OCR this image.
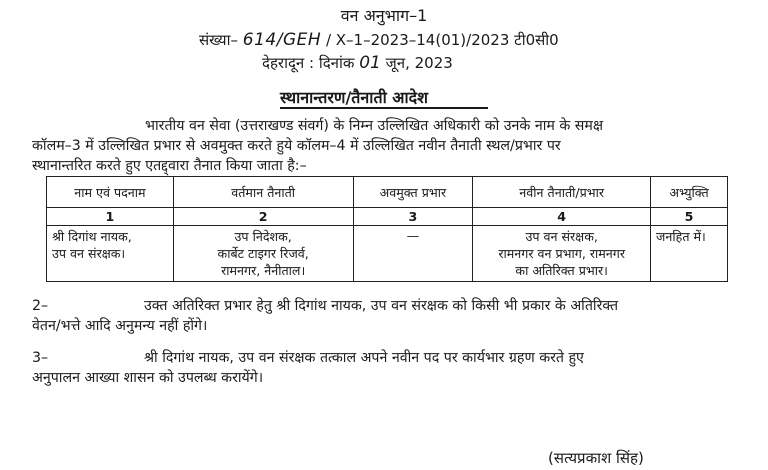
वन अनुभाग–1
संख्या– 614/GEH / X–1–2023–14(01)/2023 टी0सी0
देहरादून : दिनांक 01 जून, 2023
स्थानान्तरण/तैनाती आदेश
भारतीय वन सेवा (उत्तराखण्ड संवर्ग) के निम्न उल्लिखित अधिकारी को उनके नाम के समक्ष
कॉलम–3 में उल्लिखित प्रभार से अवमुक्त करते हुये कॉलम–4 में उल्लिखित नवीन तैनाती स्थल/प्रभार पर
स्थानान्तरित करते हुए एतद्द्वारा तैनात किया जाता है:–
नाम एवं पदनाम	वर्तमान तैनाती	अवमुक्त प्रभार	नवीन तैनाती/प्रभार	अभ्युक्ति
1	2	3	4	5

श्री दिगांथ नायक,
उप वन संरक्षक।	उप निदेशक,
कार्बेट टाइगर रिजर्व,
रामनगर, नैनीताल।	—	उप वन संरक्षक,
रामनगर वन प्रभाग, रामनगर
का अतिरिक्त प्रभार।	जनहित में।
2–	उक्त अतिरिक्त प्रभार हेतु श्री दिगांथ नायक, उप वन संरक्षक को किसी भी प्रकार के अतिरिक्त
वेतन/भत्ते आदि अनुमन्य नहीं होंगे।
3–	श्री दिगांथ नायक, उप वन संरक्षक तत्काल अपने नवीन पद पर कार्यभार ग्रहण करते हुए
अनुपालन आख्या शासन को उपलब्ध करायेंगे।
(सत्यप्रकाश सिंह)
